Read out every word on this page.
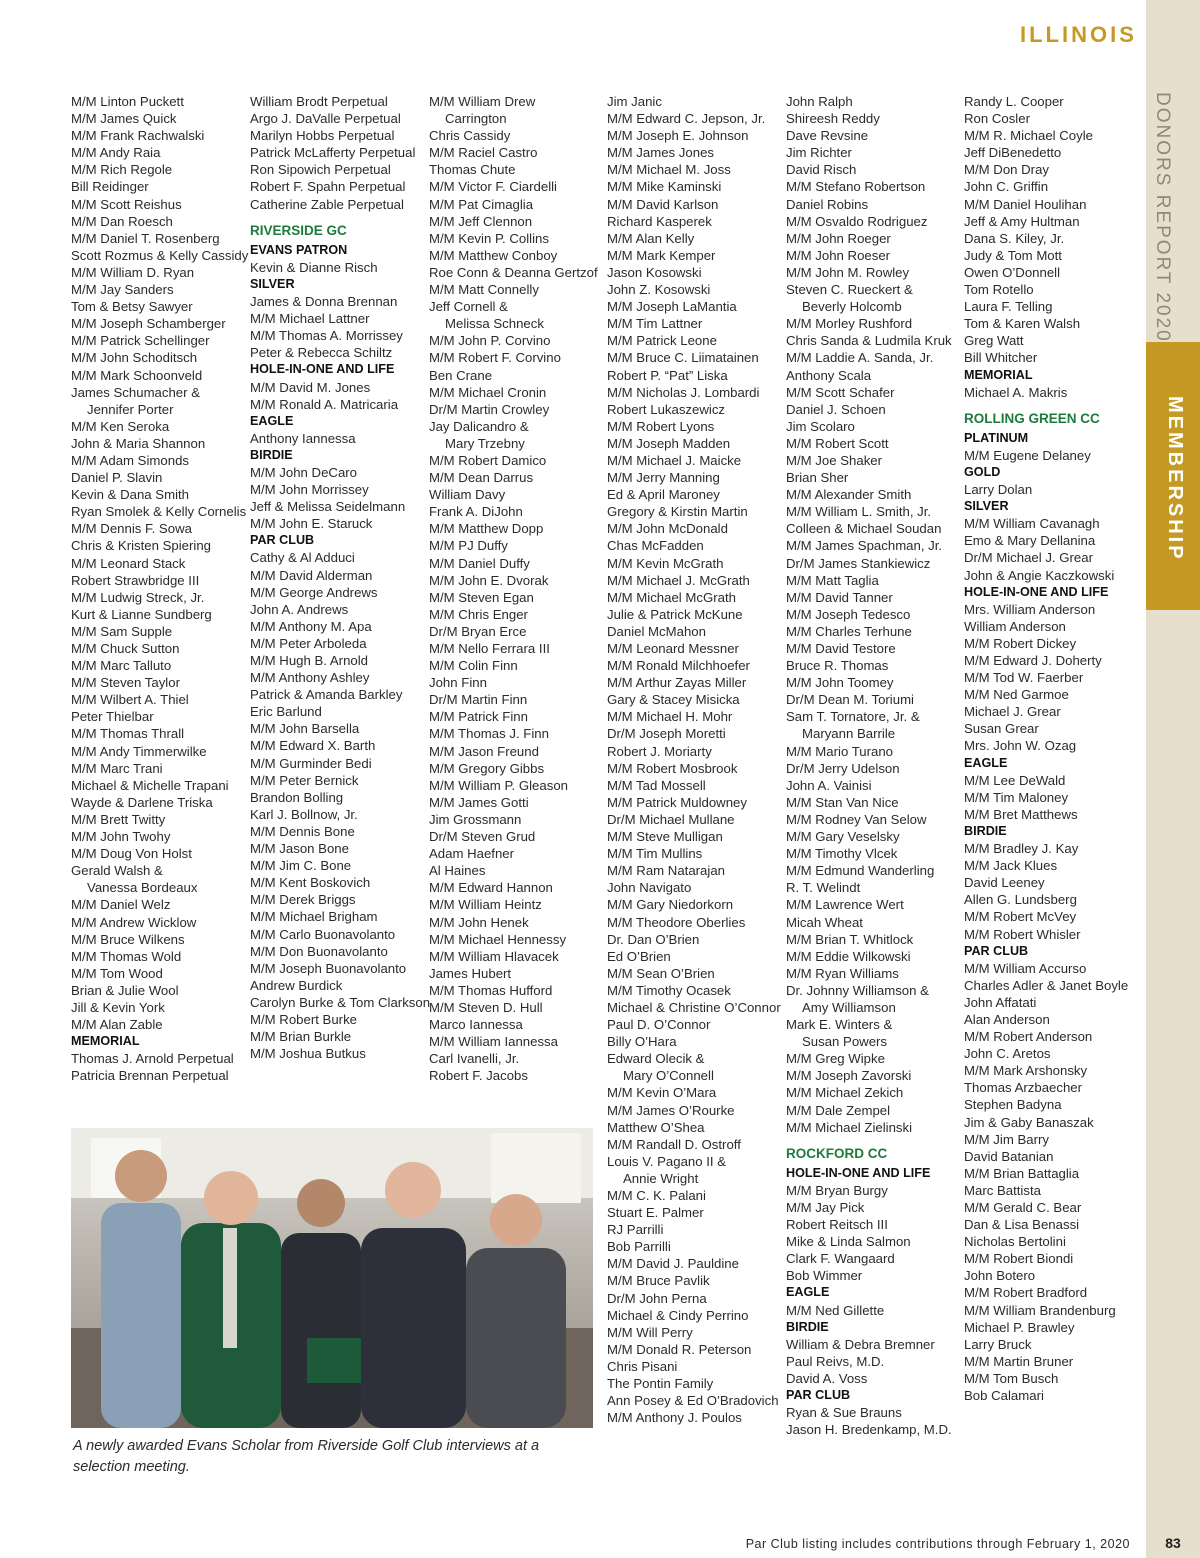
ILLINOIS
DONORS REPORT 2020
MEMBERSHIP
M/M Linton Puckett
M/M James Quick
M/M Frank Rachwalski
M/M Andy Raia
M/M Rich Regole
Bill Reidinger
M/M Scott Reishus
M/M Dan Roesch
M/M Daniel T. Rosenberg
Scott Rozmus & Kelly Cassidy
M/M William D. Ryan
M/M Jay Sanders
Tom & Betsy Sawyer
M/M Joseph Schamberger
M/M Patrick Schellinger
M/M John Schoditsch
M/M Mark Schoonveld
James Schumacher &
Jennifer Porter
M/M Ken Seroka
John & Maria Shannon
M/M Adam Simonds
Daniel P. Slavin
Kevin & Dana Smith
Ryan Smolek & Kelly Cornelis
M/M Dennis F. Sowa
Chris & Kristen Spiering
M/M Leonard Stack
Robert Strawbridge III
M/M Ludwig Streck, Jr.
Kurt & Lianne Sundberg
M/M Sam Supple
M/M Chuck Sutton
M/M Marc Talluto
M/M Steven Taylor
M/M Wilbert A. Thiel
Peter Thielbar
M/M Thomas Thrall
M/M Andy Timmerwilke
M/M Marc Trani
Michael & Michelle Trapani
Wayde & Darlene Triska
M/M Brett Twitty
M/M John Twohy
M/M Doug Von Holst
Gerald Walsh &
Vanessa Bordeaux
M/M Daniel Welz
M/M Andrew Wicklow
M/M Bruce Wilkens
M/M Thomas Wold
M/M Tom Wood
Brian & Julie Wool
Jill & Kevin York
M/M Alan Zable
MEMORIAL
Thomas J. Arnold Perpetual
Patricia Brennan Perpetual
William Brodt Perpetual
Argo J. DaValle Perpetual
Marilyn Hobbs Perpetual
Patrick McLafferty Perpetual
Ron Sipowich Perpetual
Robert F. Spahn Perpetual
Catherine Zable Perpetual
RIVERSIDE GC
EVANS PATRON
Kevin & Dianne Risch
SILVER
James & Donna Brennan
M/M Michael Lattner
M/M Thomas A. Morrissey
Peter & Rebecca Schiltz
HOLE-IN-ONE AND LIFE
M/M David M. Jones
M/M Ronald A. Matricaria
EAGLE
Anthony Iannessa
BIRDIE
M/M John DeCaro
M/M John Morrissey
Jeff & Melissa Seidelmann
M/M John E. Staruck
PAR CLUB
Cathy & Al Adduci
M/M David Alderman
M/M George Andrews
John A. Andrews
M/M Anthony M. Apa
M/M Peter Arboleda
M/M Hugh B. Arnold
M/M Anthony Ashley
Patrick & Amanda Barkley
Eric Barlund
M/M John Barsella
M/M Edward X. Barth
M/M Gurminder Bedi
M/M Peter Bernick
Brandon Bolling
Karl J. Bollnow, Jr.
M/M Dennis Bone
M/M Jason Bone
M/M Jim C. Bone
M/M Kent Boskovich
M/M Derek Briggs
M/M Michael Brigham
M/M Carlo Buonavolanto
M/M Don Buonavolanto
M/M Joseph Buonavolanto
Andrew Burdick
Carolyn Burke & Tom Clarkson
M/M Robert Burke
M/M Brian Burkle
M/M Joshua Butkus
M/M William Drew
Carrington
Chris Cassidy
M/M Raciel Castro
Thomas Chute
M/M Victor F. Ciardelli
M/M Pat Cimaglia
M/M Jeff Clennon
M/M Kevin P. Collins
M/M Matthew Conboy
Roe Conn & Deanna Gertzof
M/M Matt Connelly
Jeff Cornell &
Melissa Schneck
M/M John P. Corvino
M/M Robert F. Corvino
Ben Crane
M/M Michael Cronin
Dr/M Martin Crowley
Jay Dalicandro &
Mary Trzebny
M/M Robert Damico
M/M Dean Darrus
William Davy
Frank A. DiJohn
M/M Matthew Dopp
M/M PJ Duffy
M/M Daniel Duffy
M/M John E. Dvorak
M/M Steven Egan
M/M Chris Enger
Dr/M Bryan Erce
M/M Nello Ferrara III
M/M Colin Finn
John Finn
Dr/M Martin Finn
M/M Patrick Finn
M/M Thomas J. Finn
M/M Jason Freund
M/M Gregory Gibbs
M/M William P. Gleason
M/M James Gotti
Jim Grossmann
Dr/M Steven Grud
Adam Haefner
Al Haines
M/M Edward Hannon
M/M William Heintz
M/M John Henek
M/M Michael Hennessy
M/M William Hlavacek
James Hubert
M/M Thomas Hufford
M/M Steven D. Hull
Marco Iannessa
M/M William Iannessa
Carl Ivanelli, Jr.
Robert F. Jacobs
Jim Janic
M/M Edward C. Jepson, Jr.
M/M Joseph E. Johnson
M/M James Jones
M/M Michael M. Joss
M/M Mike Kaminski
M/M David Karlson
Richard Kasperek
M/M Alan Kelly
M/M Mark Kemper
Jason Kosowski
John Z. Kosowski
M/M Joseph LaMantia
M/M Tim Lattner
M/M Patrick Leone
M/M Bruce C. Liimatainen
Robert P. “Pat” Liska
M/M Nicholas J. Lombardi
Robert Lukaszewicz
M/M Robert Lyons
M/M Joseph Madden
M/M Michael J. Maicke
M/M Jerry Manning
Ed & April Maroney
Gregory & Kirstin Martin
M/M John McDonald
Chas McFadden
M/M Kevin McGrath
M/M Michael J. McGrath
M/M Michael McGrath
Julie & Patrick McKune
Daniel McMahon
M/M Leonard Messner
M/M Ronald Milchhoefer
M/M Arthur Zayas Miller
Gary & Stacey Misicka
M/M Michael H. Mohr
Dr/M Joseph Moretti
Robert J. Moriarty
M/M Robert Mosbrook
M/M Tad Mossell
M/M Patrick Muldowney
Dr/M Michael Mullane
M/M Steve Mulligan
M/M Tim Mullins
M/M Ram Natarajan
John Navigato
M/M Gary Niedorkorn
M/M Theodore Oberlies
Dr. Dan O’Brien
Ed O’Brien
M/M Sean O’Brien
M/M Timothy Ocasek
Michael & Christine O’Connor
Paul D. O’Connor
Billy O’Hara
Edward Olecik &
Mary O’Connell
M/M Kevin O’Mara
M/M James O’Rourke
Matthew O’Shea
M/M Randall D. Ostroff
Louis V. Pagano II &
Annie Wright
M/M C. K. Palani
Stuart E. Palmer
RJ Parrilli
Bob Parrilli
M/M David J. Pauldine
M/M Bruce Pavlik
Dr/M John Perna
Michael & Cindy Perrino
M/M Will Perry
M/M Donald R. Peterson
Chris Pisani
The Pontin Family
Ann Posey & Ed O’Bradovich
M/M Anthony J. Poulos
John Ralph
Shireesh Reddy
Dave Revsine
Jim Richter
David Risch
M/M Stefano Robertson
Daniel Robins
M/M Osvaldo Rodriguez
M/M John Roeger
M/M John Roeser
M/M John M. Rowley
Steven C. Rueckert &
Beverly Holcomb
M/M Morley Rushford
Chris Sanda & Ludmila Kruk
M/M Laddie A. Sanda, Jr.
Anthony Scala
M/M Scott Schafer
Daniel J. Schoen
Jim Scolaro
M/M Robert Scott
M/M Joe Shaker
Brian Sher
M/M Alexander Smith
M/M William L. Smith, Jr.
Colleen & Michael Soudan
M/M James Spachman, Jr.
Dr/M James Stankiewicz
M/M Matt Taglia
M/M David Tanner
M/M Joseph Tedesco
M/M Charles Terhune
M/M David Testore
Bruce R. Thomas
M/M John Toomey
Dr/M Dean M. Toriumi
Sam T. Tornatore, Jr. &
Maryann Barrile
M/M Mario Turano
Dr/M Jerry Udelson
John A. Vainisi
M/M Stan Van Nice
M/M Rodney Van Selow
M/M Gary Veselsky
M/M Timothy Vlcek
M/M Edmund Wanderling
R. T. Welindt
M/M Lawrence Wert
Micah Wheat
M/M Brian T. Whitlock
M/M Eddie Wilkowski
M/M Ryan Williams
Dr. Johnny Williamson &
Amy Williamson
Mark E. Winters &
Susan Powers
M/M Greg Wipke
M/M Joseph Zavorski
M/M Michael Zekich
M/M Dale Zempel
M/M Michael Zielinski
ROCKFORD CC
HOLE-IN-ONE AND LIFE
M/M Bryan Burgy
M/M Jay Pick
Robert Reitsch III
Mike & Linda Salmon
Clark F. Wangaard
Bob Wimmer
EAGLE
M/M Ned Gillette
BIRDIE
William & Debra Bremner
Paul Reivs, M.D.
David A. Voss
PAR CLUB
Ryan & Sue Brauns
Jason H. Bredenkamp, M.D.
Randy L. Cooper
Ron Cosler
M/M R. Michael Coyle
Jeff DiBenedetto
M/M Don Dray
John C. Griffin
M/M Daniel Houlihan
Jeff & Amy Hultman
Dana S. Kiley, Jr.
Judy & Tom Mott
Owen O’Donnell
Tom Rotello
Laura F. Telling
Tom & Karen Walsh
Greg Watt
Bill Whitcher
MEMORIAL
Michael A. Makris
ROLLING GREEN CC
PLATINUM
M/M Eugene Delaney
GOLD
Larry Dolan
SILVER
M/M William Cavanagh
Emo & Mary Dellanina
Dr/M Michael J. Grear
John & Angie Kaczkowski
HOLE-IN-ONE AND LIFE
Mrs. William Anderson
William Anderson
M/M Robert Dickey
M/M Edward J. Doherty
M/M Tod W. Faerber
M/M Ned Garmoe
Michael J. Grear
Susan Grear
Mrs. John W. Ozag
EAGLE
M/M Lee DeWald
M/M Tim Maloney
M/M Bret Matthews
BIRDIE
M/M Bradley J. Kay
M/M Jack Klues
David Leeney
Allen G. Lundsberg
M/M Robert McVey
M/M Robert Whisler
PAR CLUB
M/M William Accurso
Charles Adler & Janet Boyle
John Affatati
Alan Anderson
M/M Robert Anderson
John C. Aretos
M/M Mark Arshonsky
Thomas Arzbaecher
Stephen Badyna
Jim & Gaby Banaszak
M/M Jim Barry
David Batanian
M/M Brian Battaglia
Marc Battista
M/M Gerald C. Bear
Dan & Lisa Benassi
Nicholas Bertolini
M/M Robert Biondi
John Botero
M/M Robert Bradford
M/M William Brandenburg
Michael P. Brawley
Larry Bruck
M/M Martin Bruner
M/M Tom Busch
Bob Calamari
A newly awarded Evans Scholar from Riverside Golf Club interviews at a selection meeting.
Par Club listing includes contributions through February 1, 2020	83
